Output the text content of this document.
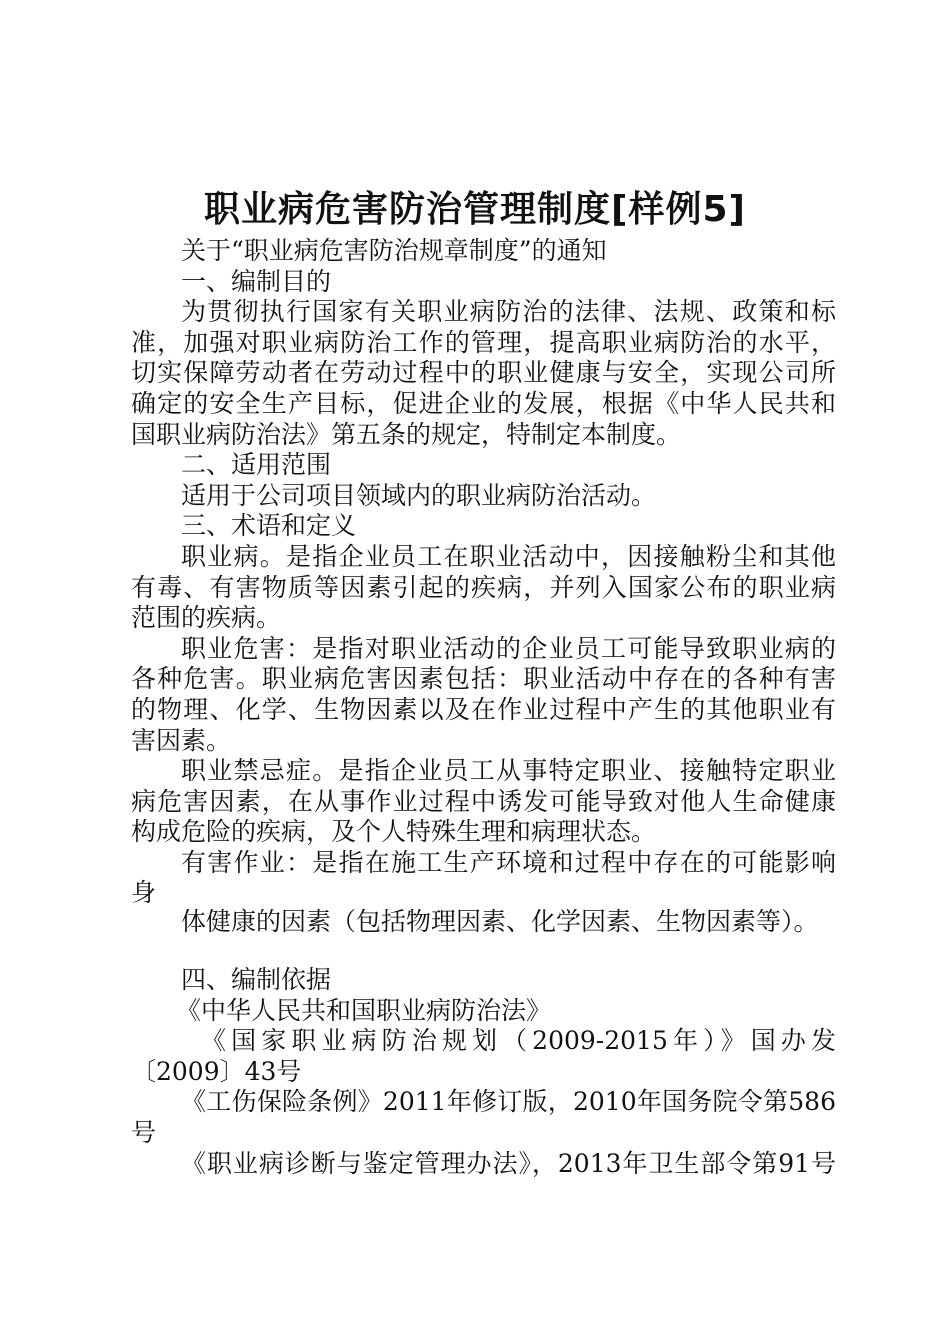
职业病危害防治管理制度[样例5]
关于“职业病危害防治规章制度”的通知
一、编制目的
为贯彻执行国家有关职业病防治的法律、法规、政策和标
准，加强对职业病防治工作的管理，提高职业病防治的水平，
切实保障劳动者在劳动过程中的职业健康与安全，实现公司所
确定的安全生产目标，促进企业的发展，根据《中华人民共和
国职业病防治法》第五条的规定，特制定本制度。
二、适用范围
适用于公司项目领域内的职业病防治活动。
三、术语和定义
职业病。是指企业员工在职业活动中，因接触粉尘和其他
有毒、有害物质等因素引起的疾病，并列入国家公布的职业病
范围的疾病。
职业危害：是指对职业活动的企业员工可能导致职业病的
各种危害。职业病危害因素包括：职业活动中存在的各种有害
的物理、化学、生物因素以及在作业过程中产生的其他职业有
害因素。
职业禁忌症。是指企业员工从事特定职业、接触特定职业
病危害因素，在从事作业过程中诱发可能导致对他人生命健康
构成危险的疾病，及个人特殊生理和病理状态。
有害作业：是指在施工生产环境和过程中存在的可能影响
身
体健康的因素（包括物理因素、化学因素、生物因素等）。
四、编制依据
《中华人民共和国职业病防治法》
《国家职业病防治规划（2009-2015年）》国办发
〔2009〕43号
《工伤保险条例》2011年修订版，2010年国务院令第586
号
《职业病诊断与鉴定管理办法》，2013年卫生部令第91号
